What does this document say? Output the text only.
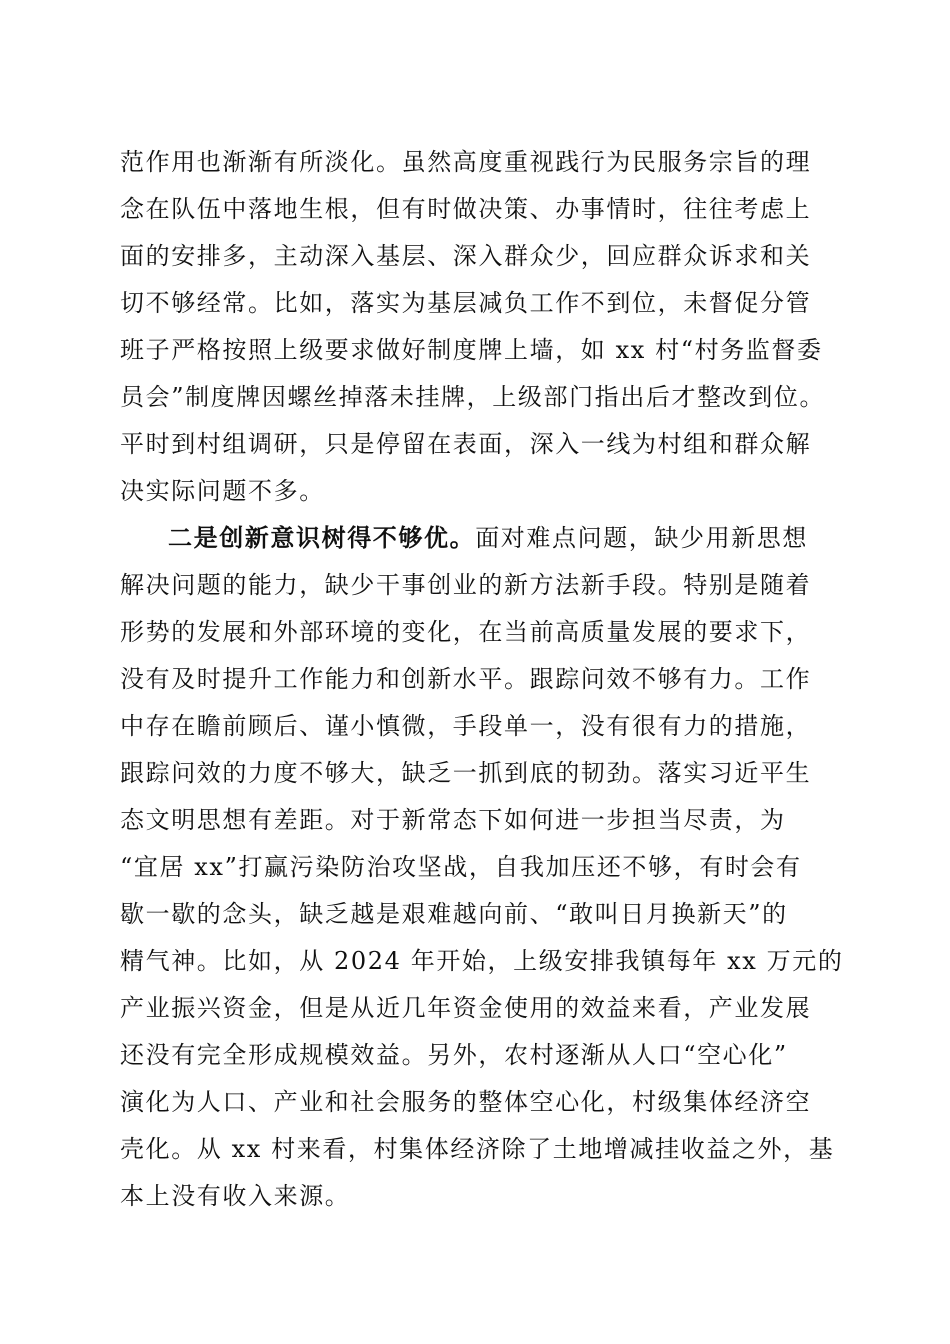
范作用也渐渐有所淡化。虽然高度重视践行为民服务宗旨的理
念在队伍中落地生根，但有时做决策、办事情时，往往考虑上
面的安排多，主动深入基层、深入群众少，回应群众诉求和关
切不够经常。比如，落实为基层减负工作不到位，未督促分管
班子严格按照上级要求做好制度牌上墙，如 xx 村“村务监督委
员会”制度牌因螺丝掉落未挂牌，上级部门指出后才整改到位。
平时到村组调研，只是停留在表面，深入一线为村组和群众解
决实际问题不多。
二是创新意识树得不够优。面对难点问题，缺少用新思想
解决问题的能力，缺少干事创业的新方法新手段。特别是随着
形势的发展和外部环境的变化，在当前高质量发展的要求下，
没有及时提升工作能力和创新水平。跟踪问效不够有力。工作
中存在瞻前顾后、谨小慎微，手段单一，没有很有力的措施，
跟踪问效的力度不够大，缺乏一抓到底的韧劲。落实习近平生
态文明思想有差距。对于新常态下如何进一步担当尽责，为
“宜居 xx”打赢污染防治攻坚战，自我加压还不够，有时会有
歇一歇的念头，缺乏越是艰难越向前、“敢叫日月换新天”的
精气神。比如，从 2024 年开始，上级安排我镇每年 xx 万元的
产业振兴资金，但是从近几年资金使用的效益来看，产业发展
还没有完全形成规模效益。另外，农村逐渐从人口“空心化”
演化为人口、产业和社会服务的整体空心化，村级集体经济空
壳化。从 xx 村来看，村集体经济除了土地增减挂收益之外，基
本上没有收入来源。
